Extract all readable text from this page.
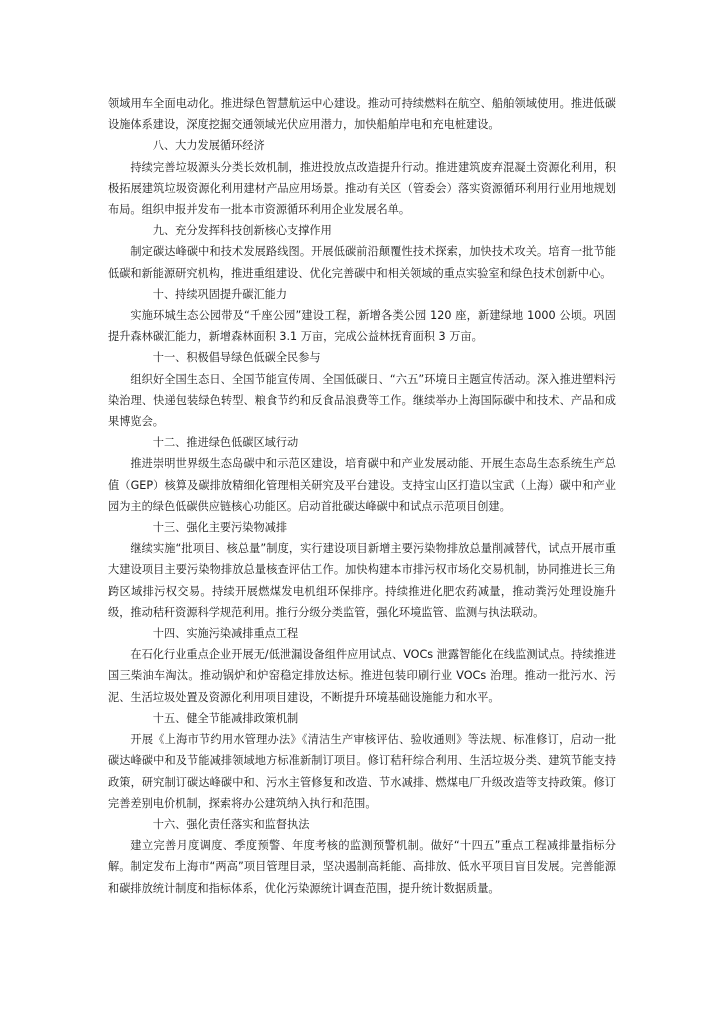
领域用车全面电动化。推进绿色智慧航运中心建设。推动可持续燃料在航空、船舶领域使用。推进低碳设施体系建设，深度挖掘交通领域光伏应用潜力，加快船舶岸电和充电桩建设。

八、大力发展循环经济

持续完善垃圾源头分类长效机制，推进投放点改造提升行动。推进建筑废弃混凝土资源化利用，积极拓展建筑垃圾资源化利用建材产品应用场景。推动有关区（管委会）落实资源循环利用行业用地规划布局。组织申报并发布一批本市资源循环利用企业发展名单。

九、充分发挥科技创新核心支撑作用

制定碳达峰碳中和技术发展路线图。开展低碳前沿颠覆性技术探索，加快技术攻关。培育一批节能低碳和新能源研究机构，推进重组建设、优化完善碳中和相关领域的重点实验室和绿色技术创新中心。

十、持续巩固提升碳汇能力

实施环城生态公园带及“千座公园”建设工程，新增各类公园 120 座，新建绿地 1000 公顷。巩固提升森林碳汇能力，新增森林面积 3.1 万亩，完成公益林抚育面积 3 万亩。

十一、积极倡导绿色低碳全民参与

组织好全国生态日、全国节能宣传周、全国低碳日、“六五”环境日主题宣传活动。深入推进塑料污染治理、快递包装绿色转型、粮食节约和反食品浪费等工作。继续举办上海国际碳中和技术、产品和成果博览会。

十二、推进绿色低碳区域行动

推进崇明世界级生态岛碳中和示范区建设，培育碳中和产业发展动能、开展生态岛生态系统生产总值（GEP）核算及碳排放精细化管理相关研究及平台建设。支持宝山区打造以宝武（上海）碳中和产业园为主的绿色低碳供应链核心功能区。启动首批碳达峰碳中和试点示范项目创建。

十三、强化主要污染物减排

继续实施“批项目、核总量”制度，实行建设项目新增主要污染物排放总量削减替代，试点开展市重大建设项目主要污染物排放总量核查评估工作。加快构建本市排污权市场化交易机制，协同推进长三角跨区域排污权交易。持续开展燃煤发电机组环保排序。持续推进化肥农药减量，推动粪污处理设施升级，推动秸秆资源科学规范利用。推行分级分类监管，强化环境监管、监测与执法联动。

十四、实施污染减排重点工程

在石化行业重点企业开展无/低泄漏设备组件应用试点、VOCs 泄露智能化在线监测试点。持续推进国三柴油车淘汰。推动锅炉和炉窑稳定排放达标。推进包装印刷行业 VOCs 治理。推动一批污水、污泥、生活垃圾处置及资源化利用项目建设，不断提升环境基础设施能力和水平。

十五、健全节能减排政策机制

开展《上海市节约用水管理办法》《清洁生产审核评估、验收通则》等法规、标准修订，启动一批碳达峰碳中和及节能减排领域地方标准新制订项目。修订秸秆综合利用、生活垃圾分类、建筑节能支持政策，研究制订碳达峰碳中和、污水主管修复和改造、节水减排、燃煤电厂升级改造等支持政策。修订完善差别电价机制，探索将办公建筑纳入执行和范围。

十六、强化责任落实和监督执法

建立完善月度调度、季度预警、年度考核的监测预警机制。做好“十四五”重点工程减排量指标分解。制定发布上海市“两高”项目管理目录，坚决遏制高耗能、高排放、低水平项目盲目发展。完善能源和碳排放统计制度和指标体系，优化污染源统计调查范围，提升统计数据质量。
